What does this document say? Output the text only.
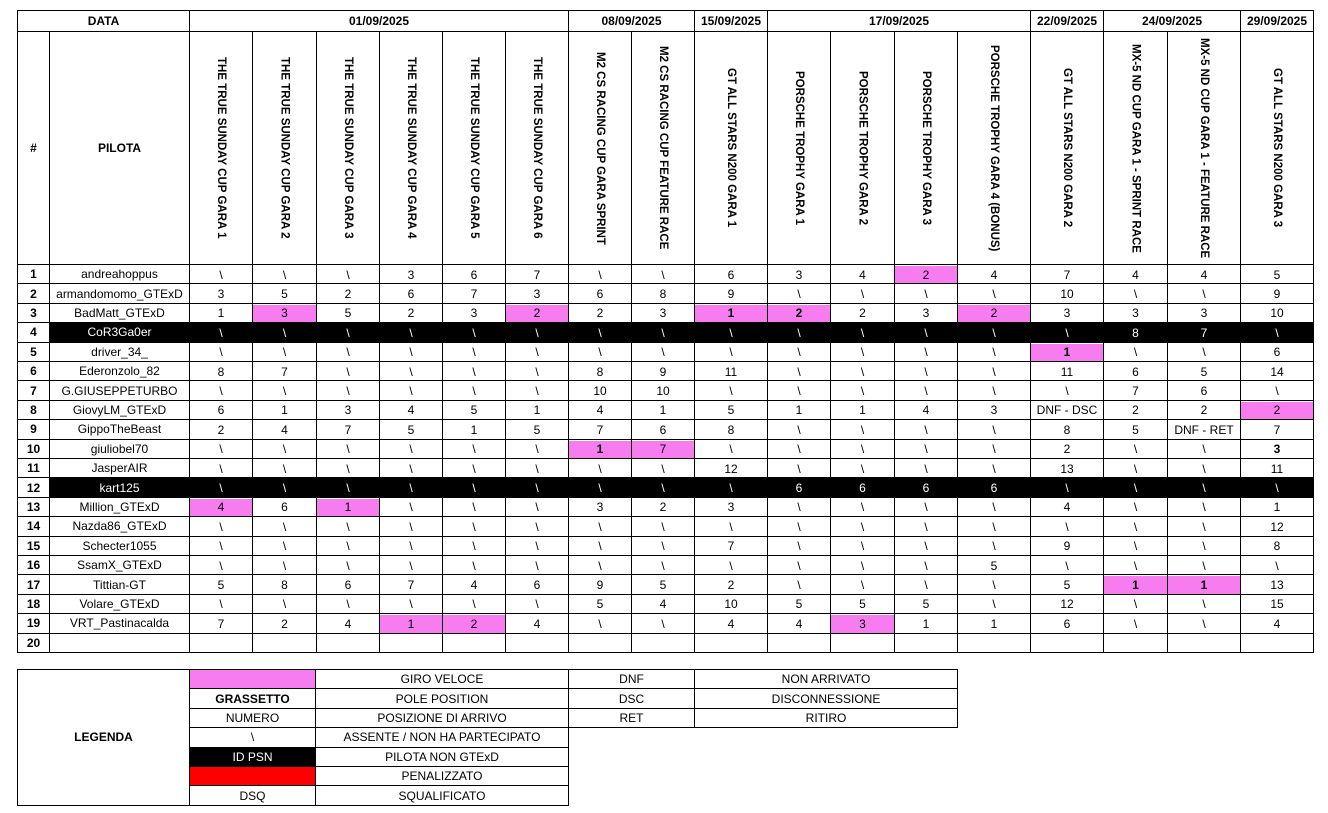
DATA	01/09/2025	08/09/2025	15/09/2025	17/09/2025	22/09/2025	24/09/2025	29/09/2025
#	PILOTA	THE TRUE SUNDAY CUP GARA 1	THE TRUE SUNDAY CUP GARA 2	THE TRUE SUNDAY CUP GARA 3	THE TRUE SUNDAY CUP GARA 4	THE TRUE SUNDAY CUP GARA 5	THE TRUE SUNDAY CUP GARA 6	M2 CS RACING CUP GARA SPRINT	M2 CS RACING CUP FEATURE RACE	GT ALL STARS N200 GARA 1	PORSCHE TROPHY GARA 1	PORSCHE TROPHY GARA 2	PORSCHE TROPHY GARA 3	PORSCHE TROPHY GARA 4 (BONUS)	GT ALL STARS N200 GARA 2	MX-5 ND CUP GARA 1 - SPRINT RACE	MX-5 ND CUP GARA 1 - FEATURE RACE	GT ALL STARS N200 GARA 3
1	andreahoppus	\	\	\	3	6	7	\	\	6	3	4	2	4	7	4	4	5
2	armandomomo_GTExD	3	5	2	6	7	3	6	8	9	\	\	\	\	10	\	\	9
3	BadMatt_GTExD	1	3	5	2	3	2	2	3	1	2	2	3	2	3	3	3	10
4	CoR3Ga0er	\	\	\	\	\	\	\	\	\	\	\	\	\	\	8	7	\
5	driver_34_	\	\	\	\	\	\	\	\	\	\	\	\	\	1	\	\	6
6	Ederonzolo_82	8	7	\	\	\	\	8	9	11	\	\	\	\	11	6	5	14
7	G.GIUSEPPETURBO	\	\	\	\	\	\	10	10	\	\	\	\	\	\	7	6	\
8	GiovyLM_GTExD	6	1	3	4	5	1	4	1	5	1	1	4	3	DNF - DSC	2	2	2
9	GippoTheBeast	2	4	7	5	1	5	7	6	8	\	\	\	\	8	5	DNF - RET	7
10	giuliobel70	\	\	\	\	\	\	1	7	\	\	\	\	\	2	\	\	3
11	JasperAIR	\	\	\	\	\	\	\	\	12	\	\	\	\	13	\	\	11
12	kart125	\	\	\	\	\	\	\	\	\	6	6	6	6	\	\	\	\
13	Million_GTExD	4	6	1	\	\	\	3	2	3	\	\	\	\	4	\	\	1
14	Nazda86_GTExD	\	\	\	\	\	\	\	\	\	\	\	\	\	\	\	\	12
15	Schecter1055	\	\	\	\	\	\	\	\	7	\	\	\	\	9	\	\	8
16	SsamX_GTExD	\	\	\	\	\	\	\	\	\	\	\	\	5	\	\	\	\
17	Tittian-GT	5	8	6	7	4	6	9	5	2	\	\	\	\	5	1	1	13
18	Volare_GTExD	\	\	\	\	\	\	5	4	10	5	5	5	\	12	\	\	15
19	VRT_Pastinacalda	7	2	4	1	2	4	\	\	4	4	3	1	1	6	\	\	4
20
LEGENDA
GIRO VELOCE
GRASSETTO	POLE POSITION
NUMERO	POSIZIONE DI ARRIVO
\	ASSENTE / NON HA PARTECIPATO
ID PSN	PILOTA NON GTExD
PENALIZZATO
DSQ	SQUALIFICATO
DNF	NON ARRIVATO
DSC	DISCONNESSIONE
RET	RITIRO
